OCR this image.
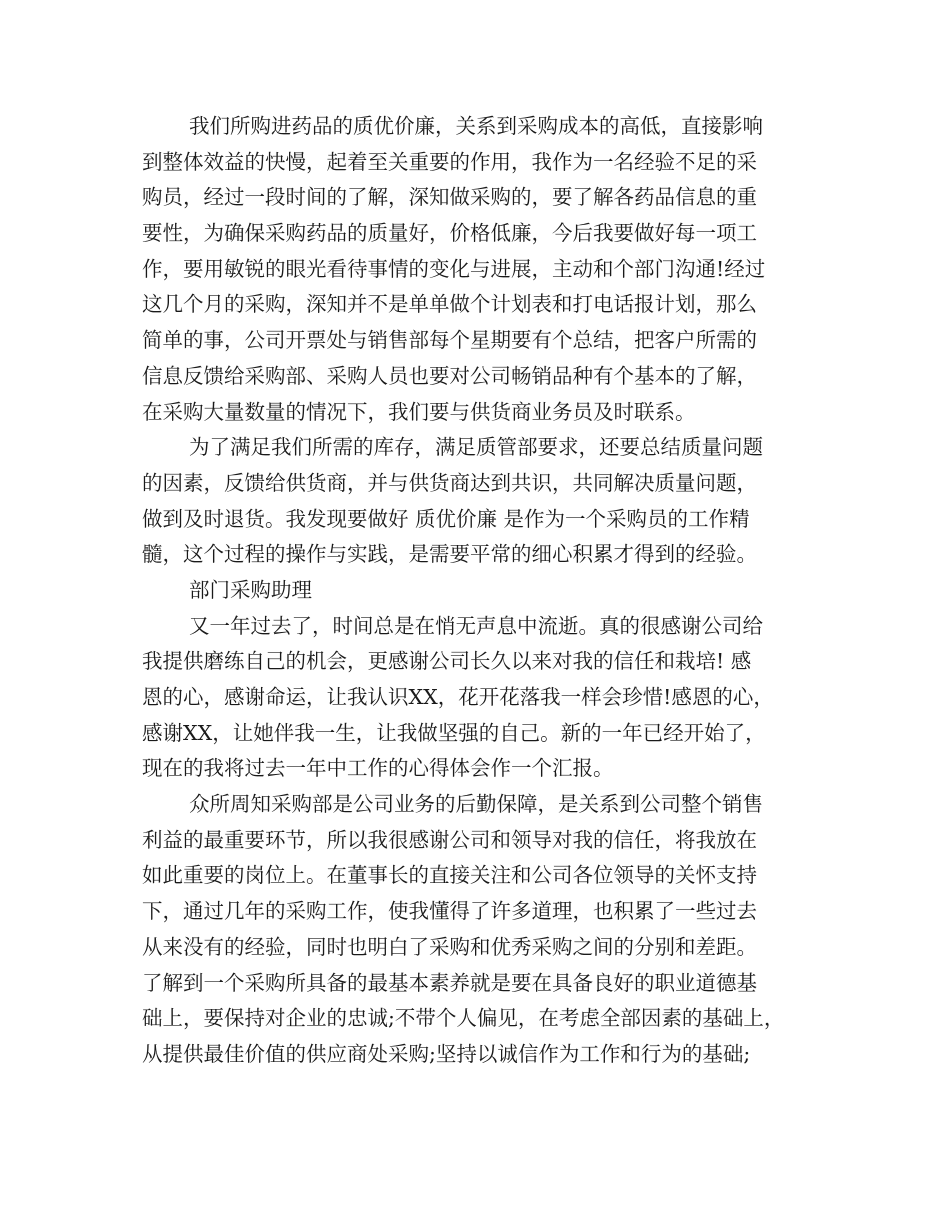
我们所购进药品的质优价廉，关系到采购成本的高低，直接影响
到整体效益的快慢，起着至关重要的作用，我作为一名经验不足的采
购员，经过一段时间的了解，深知做采购的，要了解各药品信息的重
要性，为确保采购药品的质量好，价格低廉，今后我要做好每一项工
作，要用敏锐的眼光看待事情的变化与进展，主动和个部门沟通!经过
这几个月的采购，深知并不是单单做个计划表和打电话报计划，那么
简单的事，公司开票处与销售部每个星期要有个总结，把客户所需的
信息反馈给采购部、采购人员也要对公司畅销品种有个基本的了解，
在采购大量数量的情况下，我们要与供货商业务员及时联系。
为了满足我们所需的库存，满足质管部要求，还要总结质量问题
的因素，反馈给供货商，并与供货商达到共识，共同解决质量问题，
做到及时退货。我发现要做好 质优价廉 是作为一个采购员的工作精
髓，这个过程的操作与实践，是需要平常的细心积累才得到的经验。
部门采购助理
又一年过去了，时间总是在悄无声息中流逝。真的很感谢公司给
我提供磨练自己的机会，更感谢公司长久以来对我的信任和栽培! 感
恩的心，感谢命运，让我认识XX，花开花落我一样会珍惜!感恩的心，
感谢XX，让她伴我一生，让我做坚强的自己。新的一年已经开始了，
现在的我将过去一年中工作的心得体会作一个汇报。
众所周知采购部是公司业务的后勤保障，是关系到公司整个销售
利益的最重要环节，所以我很感谢公司和领导对我的信任，将我放在
如此重要的岗位上。在董事长的直接关注和公司各位领导的关怀支持
下，通过几年的采购工作，使我懂得了许多道理，也积累了一些过去
从来没有的经验，同时也明白了采购和优秀采购之间的分别和差距。
了解到一个采购所具备的最基本素养就是要在具备良好的职业道德基
础上，要保持对企业的忠诚;不带个人偏见，在考虑全部因素的基础上，
从提供最佳价值的供应商处采购;坚持以诚信作为工作和行为的基础;
